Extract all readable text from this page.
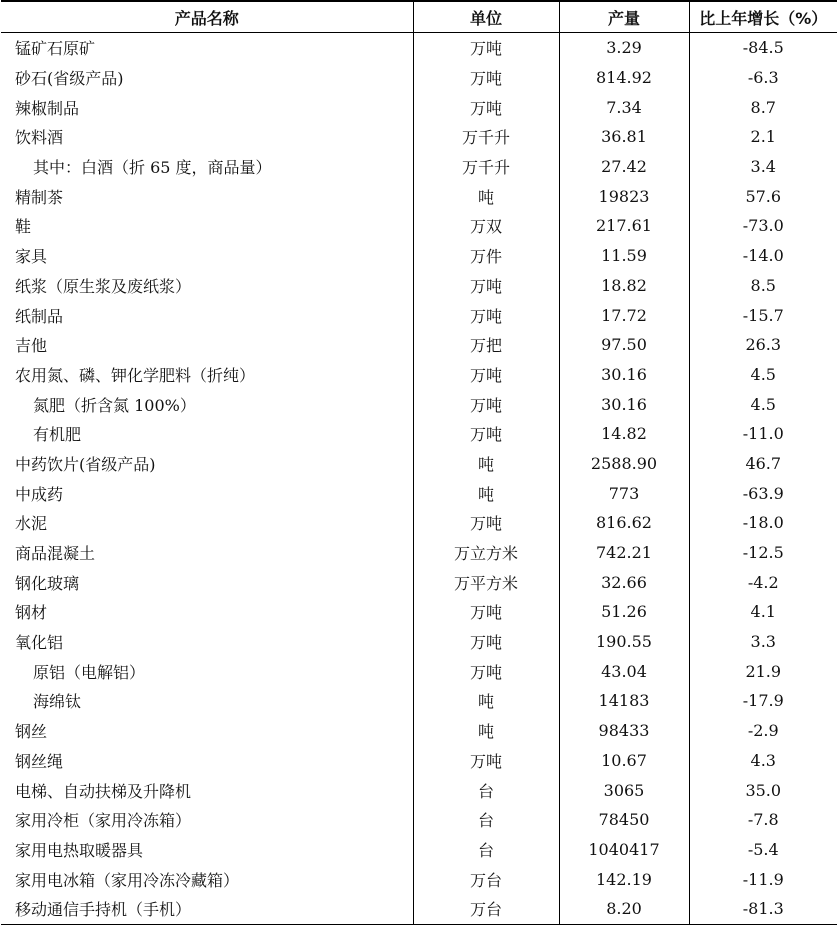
产品名称	单位	产量	比上年增长（%）
锰矿石原矿	万吨	3.29	-84.5
砂石(省级产品)	万吨	814.92	-6.3
辣椒制品	万吨	7.34	8.7
饮料酒	万千升	36.81	2.1
其中：白酒（折 65 度，商品量）	万千升	27.42	3.4
精制茶	吨	19823	57.6
鞋	万双	217.61	-73.0
家具	万件	11.59	-14.0
纸浆（原生浆及废纸浆）	万吨	18.82	8.5
纸制品	万吨	17.72	-15.7
吉他	万把	97.50	26.3
农用氮、磷、钾化学肥料（折纯）	万吨	30.16	4.5
氮肥（折含氮 100%）	万吨	30.16	4.5
有机肥	万吨	14.82	-11.0
中药饮片(省级产品)	吨	2588.90	46.7
中成药	吨	773	-63.9
水泥	万吨	816.62	-18.0
商品混凝土	万立方米	742.21	-12.5
钢化玻璃	万平方米	32.66	-4.2
钢材	万吨	51.26	4.1
氧化铝	万吨	190.55	3.3
原铝（电解铝）	万吨	43.04	21.9
海绵钛	吨	14183	-17.9
钢丝	吨	98433	-2.9
钢丝绳	万吨	10.67	4.3
电梯、自动扶梯及升降机	台	3065	35.0
家用冷柜（家用冷冻箱）	台	78450	-7.8
家用电热取暖器具	台	1040417	-5.4
家用电冰箱（家用冷冻冷藏箱）	万台	142.19	-11.9
移动通信手持机（手机）	万台	8.20	-81.3
